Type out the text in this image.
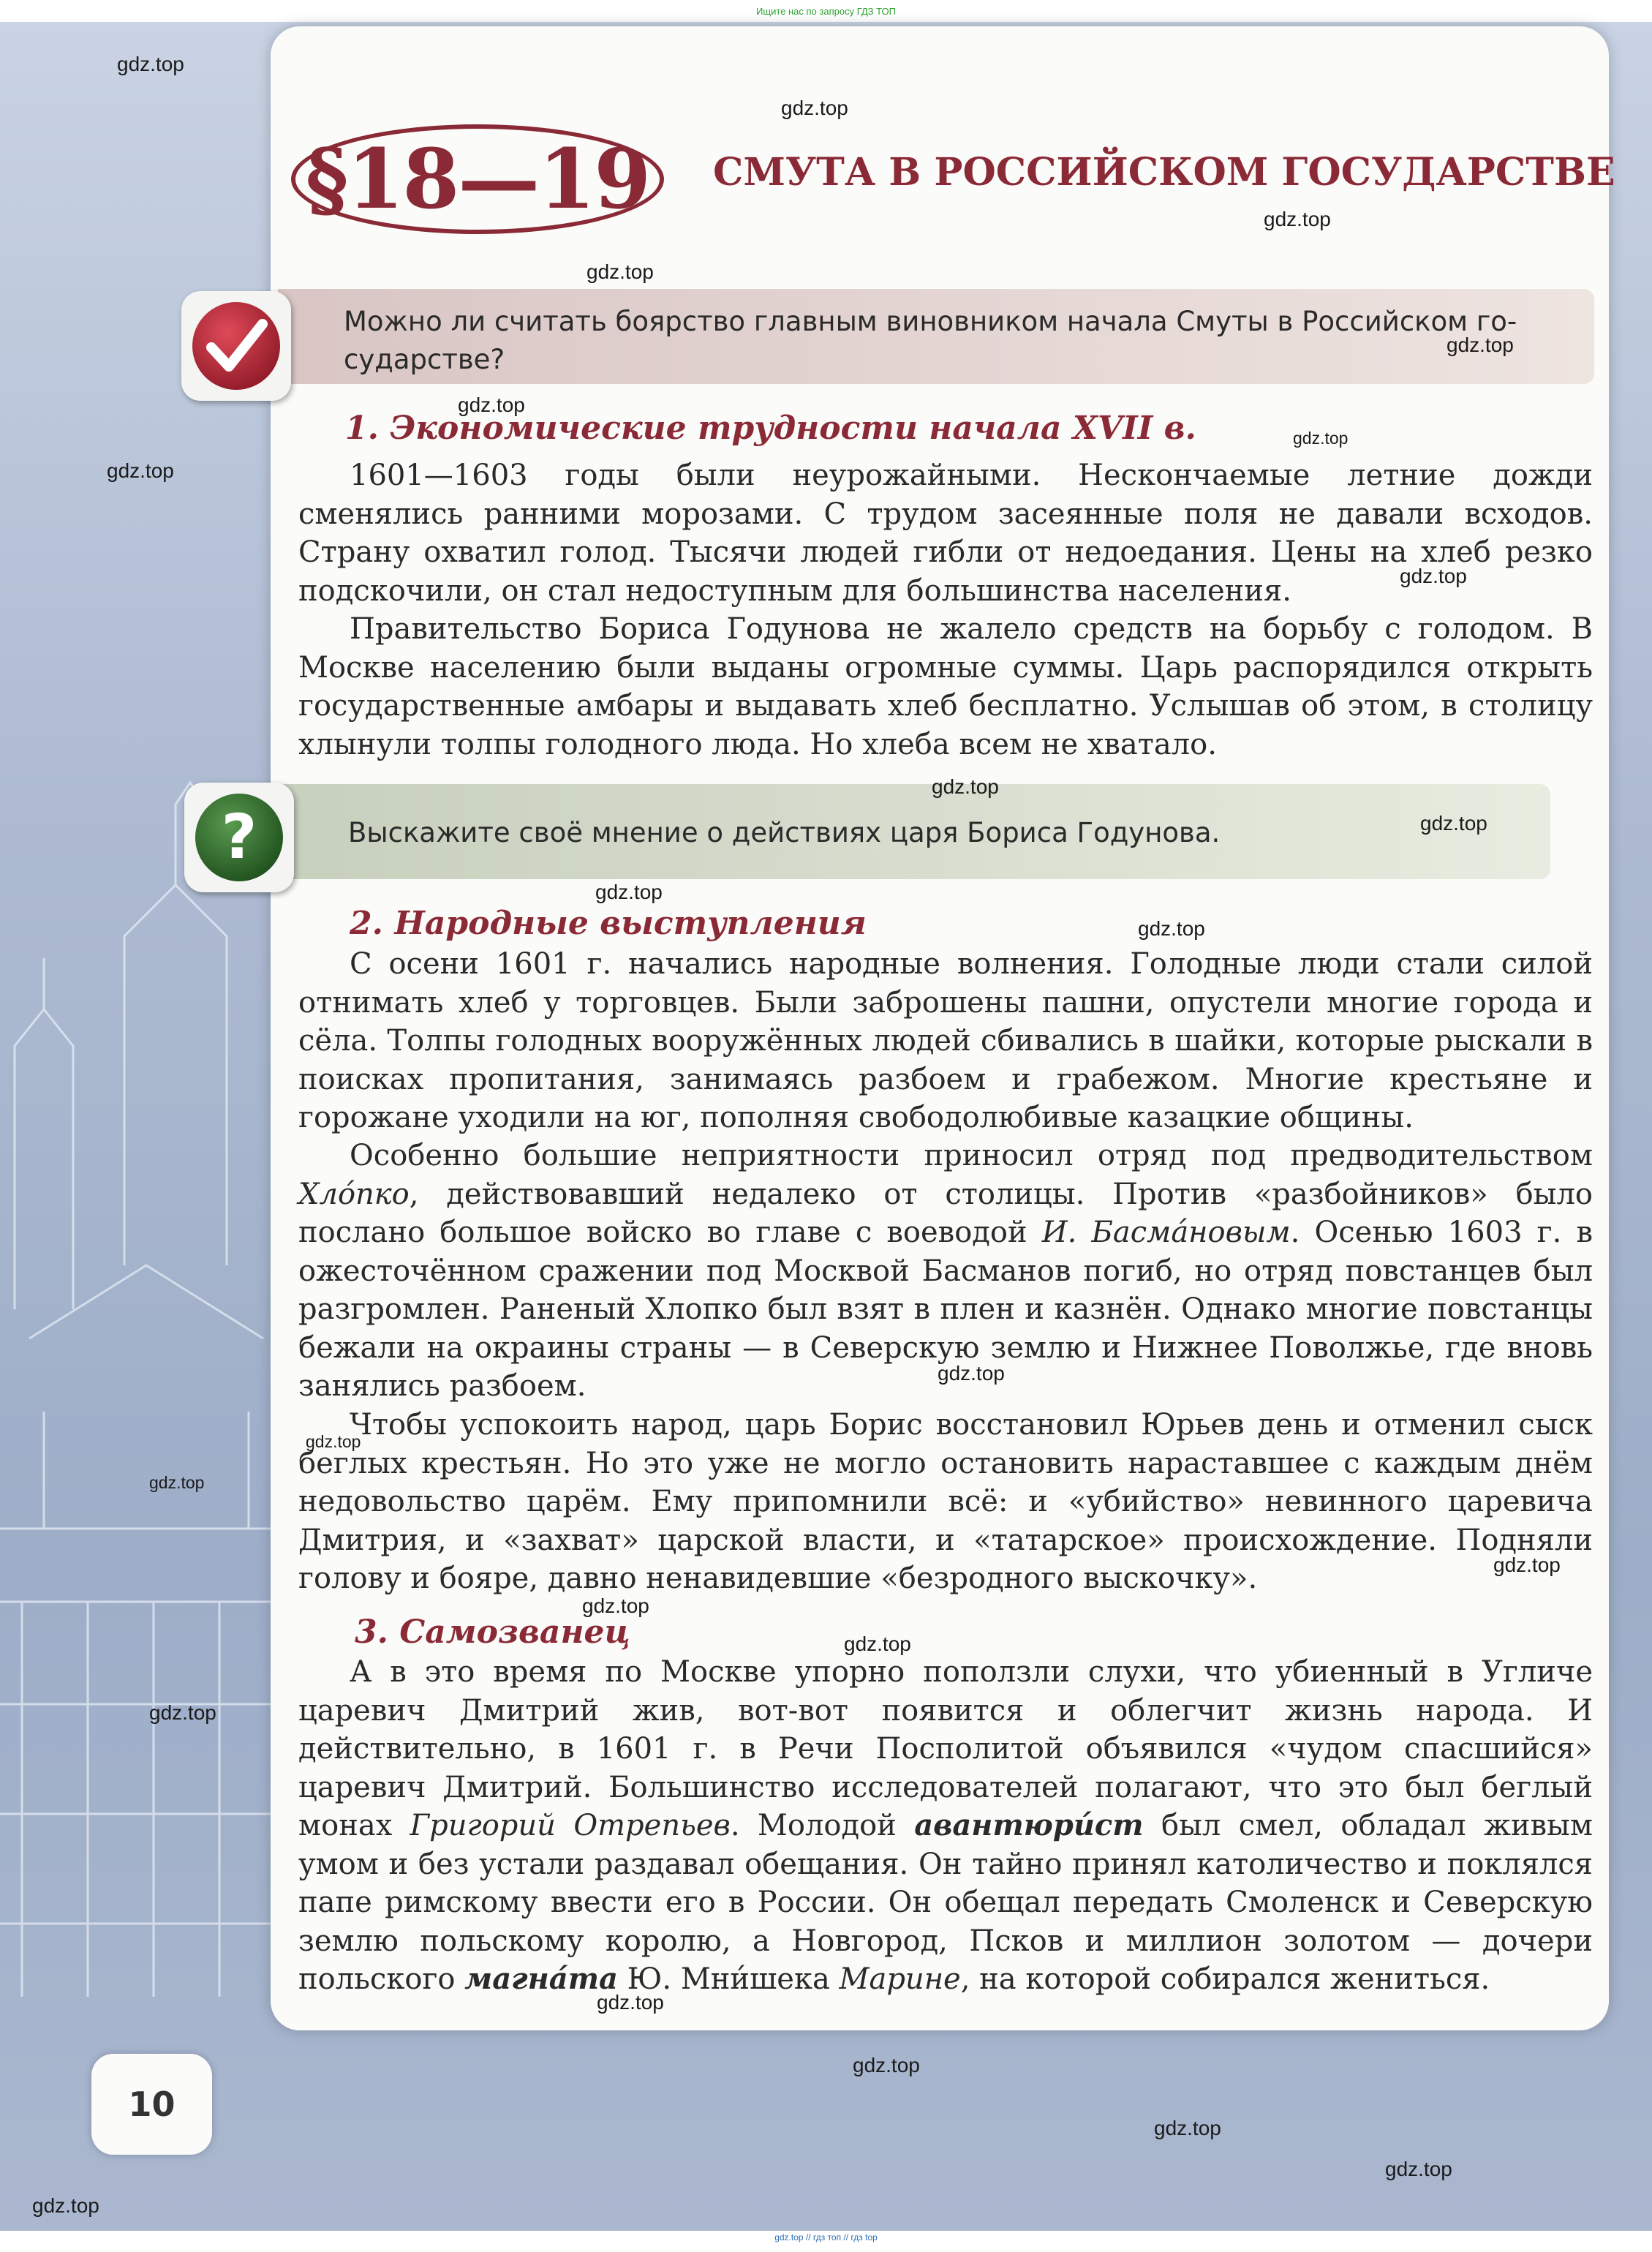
Ищите нас по запросу ГДЗ ТОП
§18—19 СМУТА В РОССИЙСКОМ ГОСУДАРСТВЕ
Можно ли считать боярство главным виновником начала Смуты в Российском го-
сударстве?
1. Экономические трудности начала XVII в.

1601—1603 годы были неурожайными. Нескончаемые летние дожди сменялись ранними морозами. С трудом засеянные поля не давали всходов. Страну охватил голод. Тысячи людей гибли от недоедания. Цены на хлеб резко подскочили, он стал недоступным для большинства населения.

Правительство Бориса Годунова не жалело средств на борьбу с голодом. В Москве населению были выданы огромные суммы. Царь распорядился открыть государственные амбары и выдавать хлеб бесплатно. Услышав об этом, в столицу хлынули толпы голодного люда. Но хлеба всем не хватало.

?	Выскажите своё мнение о действиях царя Бориса Годунова.
2. Народные выступления

С осени 1601 г. начались народные волнения. Голодные люди стали силой отнимать хлеб у торговцев. Были заброшены пашни, опустели многие города и сёла. Толпы голодных вооружённых людей сбивались в шайки, которые рыскали в поисках пропитания, занимаясь разбоем и грабежом. Многие крестьяне и горожане уходили на юг, пополняя свободолюбивые казацкие общины.

Особенно большие неприятности приносил отряд под предводительством Хло́пко, действовавший недалеко от столицы. Против «разбойников» было послано большое войско во главе с воеводой И. Басма́новым. Осенью 1603 г. в ожесточённом сражении под Москвой Басманов погиб, но отряд повстанцев был разгромлен. Раненый Хлопко был взят в плен и казнён. Однако многие повстанцы бежали на окраины страны — в Северскую землю и Нижнее Поволжье, где вновь занялись разбоем.

Чтобы успокоить народ, царь Борис восстановил Юрьев день и отменил сыск беглых крестьян. Но это уже не могло остановить нараставшее с каждым днём недовольство царём. Ему припомнили всё: и «убийство» невинного царевича Дмитрия, и «захват» царской власти, и «татарское» происхождение. Подняли голову и бояре, давно ненавидевшие «безродного выскочку».

3. Самозванец

А в это время по Москве упорно поползли слухи, что убиенный в Угличе царевич Дмитрий жив, вот-вот появится и облегчит жизнь народа. И действительно, в 1601 г. в Речи Посполитой объявился «чудом спасшийся» царевич Дмитрий. Большинство исследователей полагают, что это был беглый монах Григорий Отрепьев. Молодой авантюри́ст был смел, обладал живым умом и без устали раздавал обещания. Он тайно принял католичество и поклялся папе римскому ввести его в России. Он обещал передать Смоленск и Северскую землю польскому королю, а Новгород, Псков и миллион золотом — дочери польского магна́та Ю. Мни́шека Марине, на которой собирался жениться.

10
gdz.top
gdz.top
gdz.top
gdz.top
gdz.top
gdz.top
gdz.top
gdz.top
gdz.top
gdz.top
gdz.top
gdz.top
gdz.top
gdz.top
gdz.top
gdz.top
gdz.top
gdz.top
gdz.top
gdz.top
gdz.top
gdz.top
gdz.top
gdz.top
gdz.top
gdz.top // гдз топ // гдз top
